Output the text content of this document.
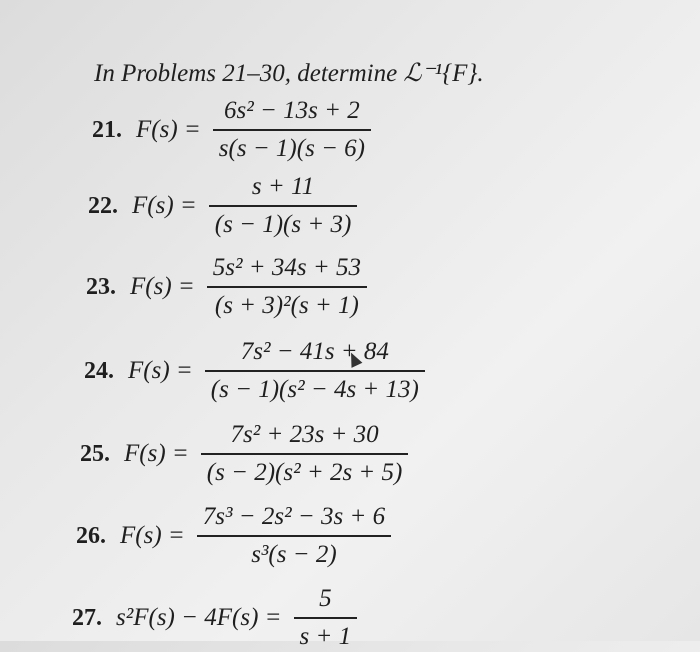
In Problems 21–30, determine ℒ⁻¹{F}.
21. $F(s) = \frac{\text{6s² − 13s + 2}}{s(s - 1)(s - 6)}$
22. $F(s) = \frac{s + 11}{(s - 1)(s + 3)}$
23. $F(s) = \frac{\text{5s² + 34s + 53}}{\text{(s + 3)²(s + 1)}}$
24. $F(s) = \frac{\text{7s² − 41s + 84}}{\text{(s − 1)(s² − 4s + 13)}}$
25. $F(s) = \frac{\text{7s² + 23s + 30}}{\text{(s − 2)(s² + 2s + 5)}}$
26. $F(s) = \frac{\text{7s³ − 2s² − 3s + 6}}{\text{s³(s − 2)}}$
27. $s^2F(s) - 4F(s) = \frac{5}{s + 1}$
